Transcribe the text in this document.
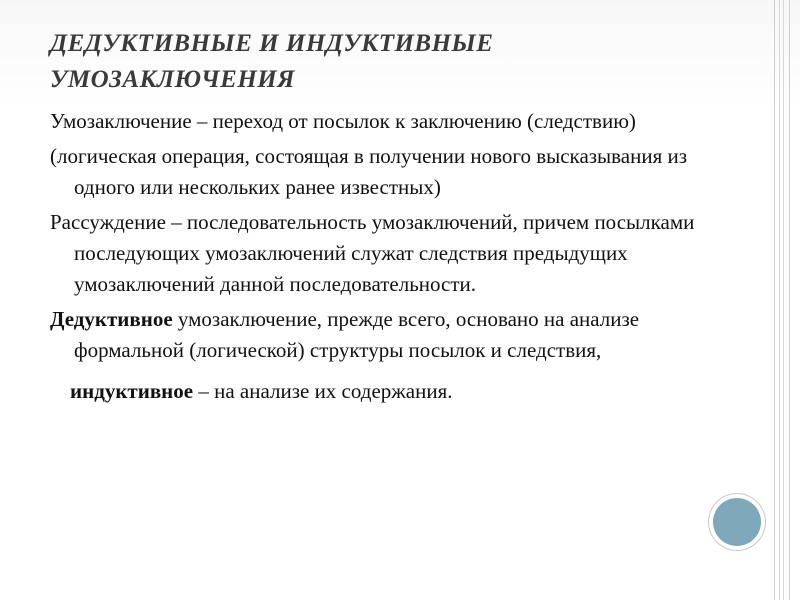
ДЕДУКТИВНЫЕ И ИНДУКТИВНЫЕ УМОЗАКЛЮЧЕНИЯ

Умозаключение – переход от посылок к заключению (следствию)

(логическая операция, состоящая в получении нового высказывания из одного или нескольких ранее известных)

Рассуждение – последовательность умозаключений, причем посылками последующих умозаключений служат следствия предыдущих умозаключений данной последовательности.

Дедуктивное умозаключение, прежде всего, основано на анализе формальной (логической) структуры посылок и следствия,

индуктивное – на анализе их содержания.
